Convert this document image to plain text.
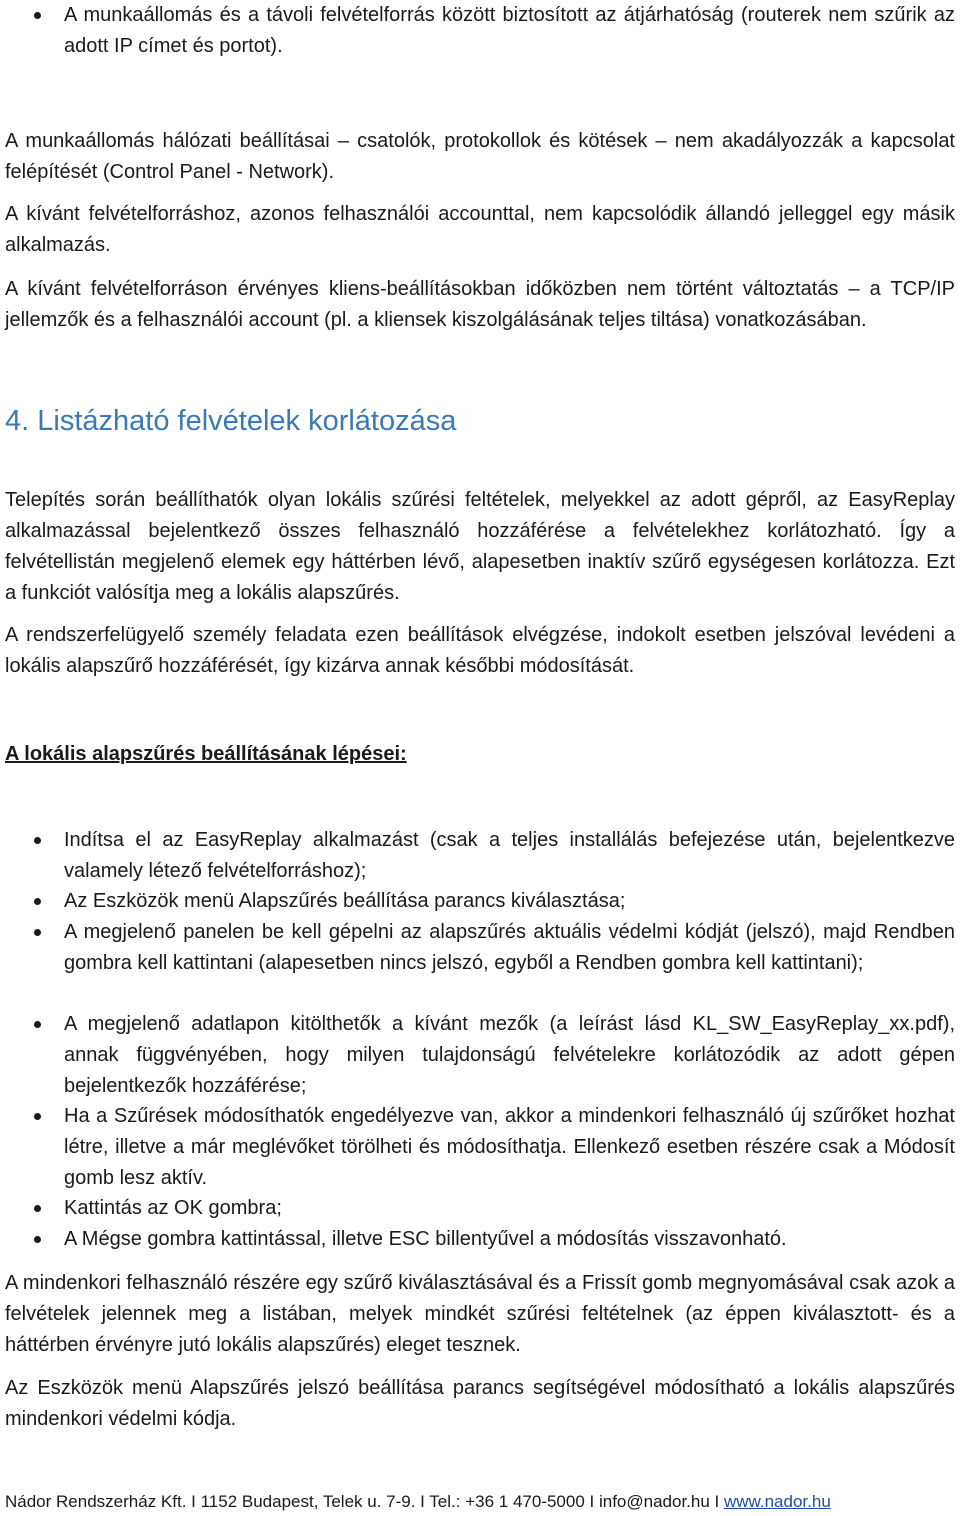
A munkaállomás és a távoli felvételforrás között biztosított az átjárhatóság (routerek nem szűrik az adott IP címet és portot).

A munkaállomás hálózati beállításai – csatolók, protokollok és kötések – nem akadályozzák a kapcsolat felépítését (Control Panel - Network).

A kívánt felvételforráshoz, azonos felhasználói accounttal, nem kapcsolódik állandó jelleggel egy másik alkalmazás.

A kívánt felvételforráson érvényes kliens-beállításokban időközben nem történt változtatás – a TCP/IP jellemzők és a felhasználói account (pl. a kliensek kiszolgálásának teljes tiltása) vonatkozásában.

4. Listázható felvételek korlátozása

Telepítés során beállíthatók olyan lokális szűrési feltételek, melyekkel az adott gépről, az EasyReplay alkalmazással bejelentkező összes felhasználó hozzáférése a felvételekhez korlátozható. Így a felvétellistán megjelenő elemek egy háttérben lévő, alapesetben inaktív szűrő egységesen korlátozza. Ezt a funkciót valósítja meg a lokális alapszűrés.

A rendszerfelügyelő személy feladata ezen beállítások elvégzése, indokolt esetben jelszóval levédeni a lokális alapszűrő hozzáférését, így kizárva annak későbbi módosítását.

A lokális alapszűrés beállításának lépései:

Indítsa el az EasyReplay alkalmazást (csak a teljes installálás befejezése után, bejelentkezve valamely létező felvételforráshoz);

Az Eszközök menü Alapszűrés beállítása parancs kiválasztása;

A megjelenő panelen be kell gépelni az alapszűrés aktuális védelmi kódját (jelszó), majd Rendben gombra kell kattintani (alapesetben nincs jelszó, egyből a Rendben gombra kell kattintani);

A megjelenő adatlapon kitölthetők a kívánt mezők (a leírást lásd KL_SW_EasyReplay_xx.pdf), annak függvényében, hogy milyen tulajdonságú felvételekre korlátozódik az adott gépen bejelentkezők hozzáférése;

Ha a Szűrések módosíthatók engedélyezve van, akkor a mindenkori felhasználó új szűrőket hozhat létre, illetve a már meglévőket törölheti és módosíthatja. Ellenkező esetben részére csak a Módosít gomb lesz aktív.

Kattintás az OK gombra;

A Mégse gombra kattintással, illetve ESC billentyűvel a módosítás visszavonható.

A mindenkori felhasználó részére egy szűrő kiválasztásával és a Frissít gomb megnyomásával csak azok a felvételek jelennek meg a listában, melyek mindkét szűrési feltételnek (az éppen kiválasztott- és a háttérben érvényre jutó lokális alapszűrés) eleget tesznek.

Az Eszközök menü Alapszűrés jelszó beállítása parancs segítségével módosítható a lokális alapszűrés mindenkori védelmi kódja.

Nádor Rendszerház Kft. I 1152 Budapest, Telek u. 7-9. I Tel.: +36 1 470-5000 I info@nador.hu I www.nador.hu
